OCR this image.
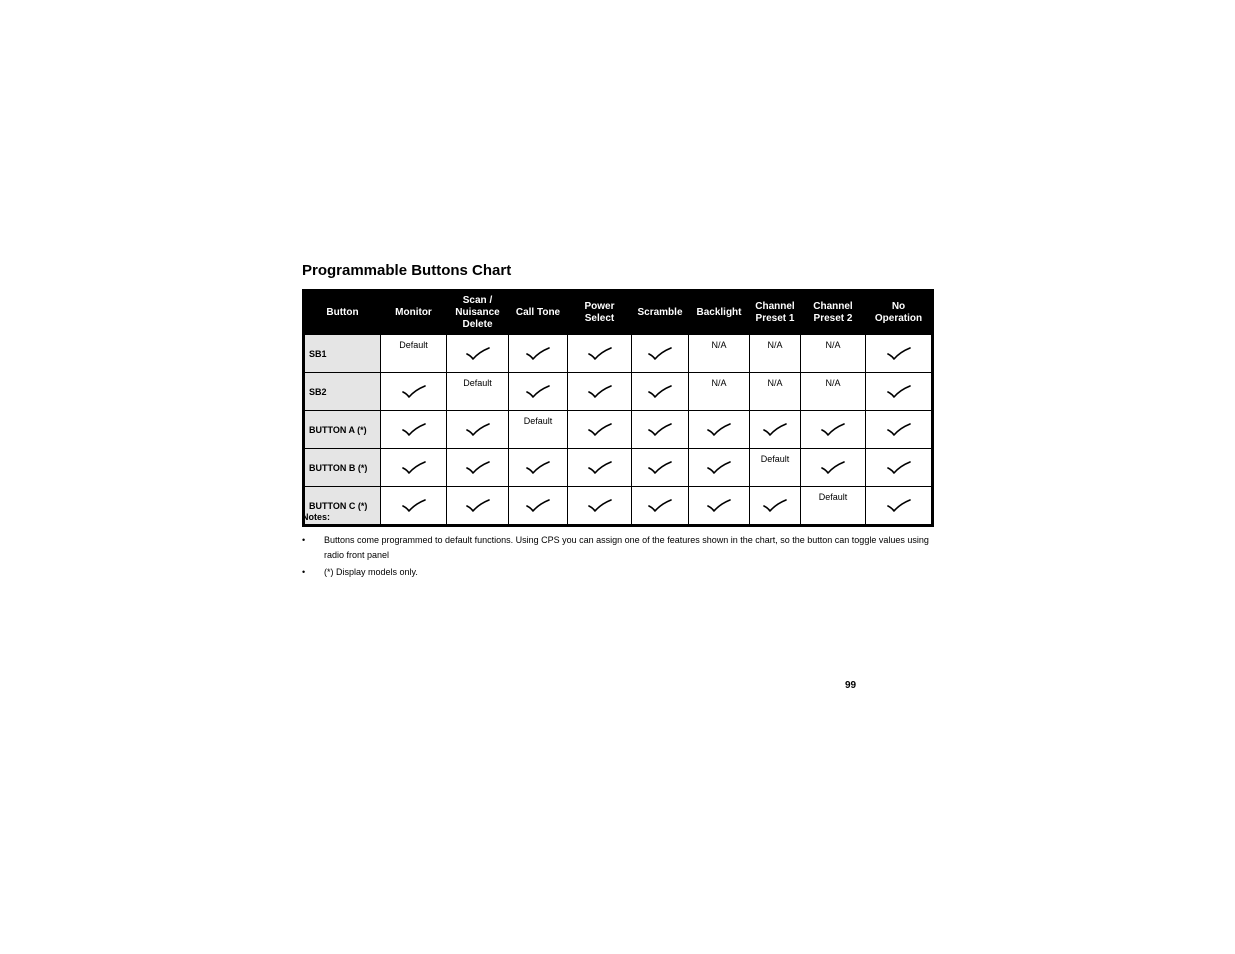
Programmable Buttons Chart
Button	Monitor	Scan / Nuisance Delete	Call Tone	Power Select	Scramble	Backlight	Channel Preset 1	Channel Preset 2	No Operation
SB1	Default					N/A	N/A	N/A	
SB2		Default				N/A	N/A	N/A	
BUTTON A (*)			Default						
BUTTON B (*)							Default		
BUTTON C (*)								Default	

Notes:

• Buttons come programmed to default functions. Using CPS you can assign one of the features shown in the chart, so the button can toggle values using radio front panel
• (*) Display models only.
99
